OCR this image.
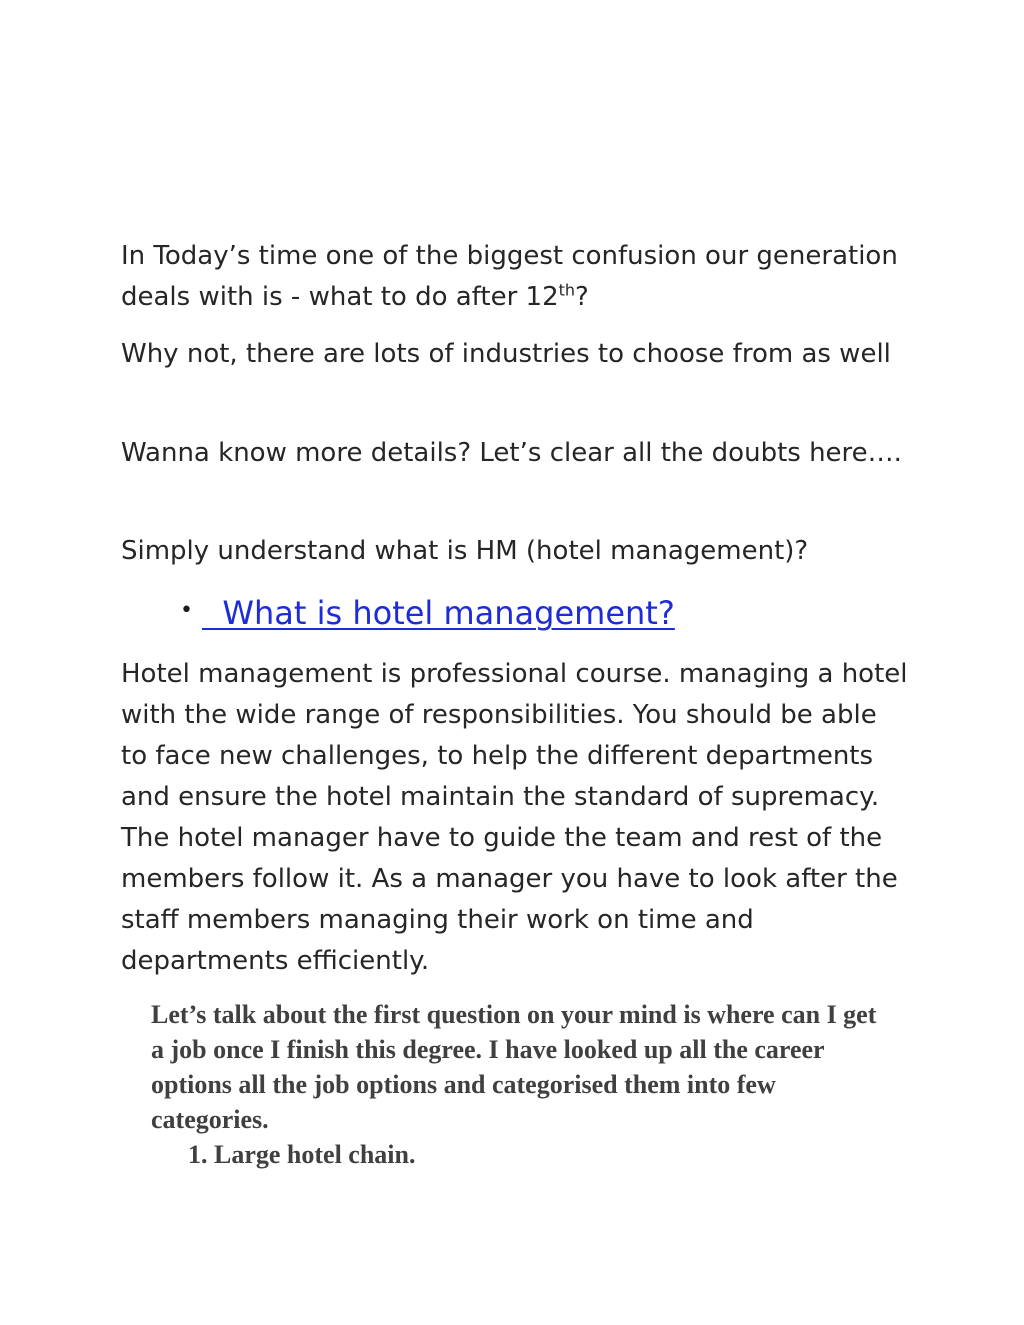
In Today’s time one of the biggest confusion our generation deals with is - what to do after 12th?

Why not, there are lots of industries to choose from as well

Wanna know more details? Let’s clear all the doubts here….

Simply understand what is HM (hotel management)?

• What is hotel management?

Hotel management is professional course. managing a hotel with the wide range of responsibilities. You should be able to face new challenges, to help the different departments and ensure the hotel maintain the standard of supremacy. The hotel manager have to guide the team and rest of the members follow it. As a manager you have to look after the staff members managing their work on time and departments efficiently.

Let’s talk about the first question on your mind is where can I get a job once I finish this degree. I have looked up all the career options all the job options and categorised them into few categories.

1. Large hotel chain.
